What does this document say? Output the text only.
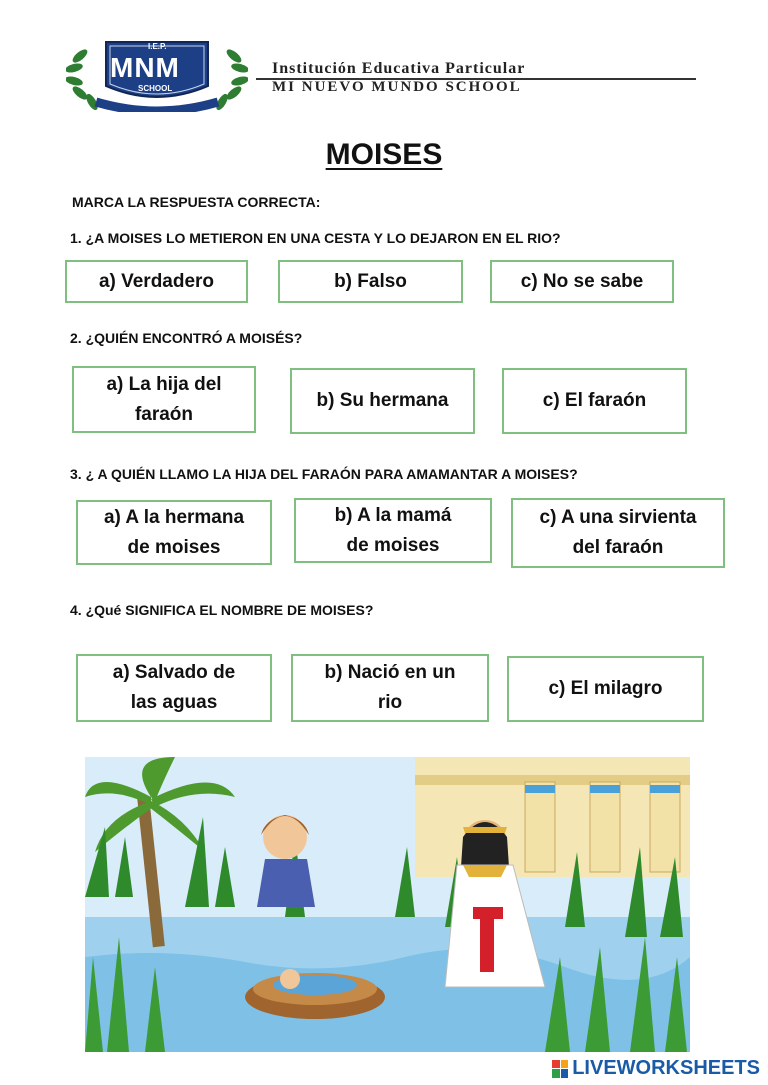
I.E.P.
MNM
SCHOOL
Institución Educativa Particular
MI NUEVO MUNDO SCHOOL
MOISES
MARCA LA RESPUESTA CORRECTA:
1. ¿A MOISES LO METIERON EN UNA CESTA Y LO DEJARON EN EL RIO?
a) Verdadero	b) Falso	c) No se sabe
2. ¿QUIÉN ENCONTRÓ A MOISÉS?
a) La hija del
faraón
b) Su hermana	c) El faraón
3. ¿ A QUIÉN LLAMO LA HIJA DEL FARAÓN PARA AMAMANTAR A MOISES?
a) A la hermana
de moises
b) A la mamá
de moises
c) A una sirvienta
del faraón
4. ¿Qué SIGNIFICA EL NOMBRE DE MOISES?
a) Salvado de
las aguas
b) Nació en un
rio
c) El milagro
LIVEWORKSHEETS
